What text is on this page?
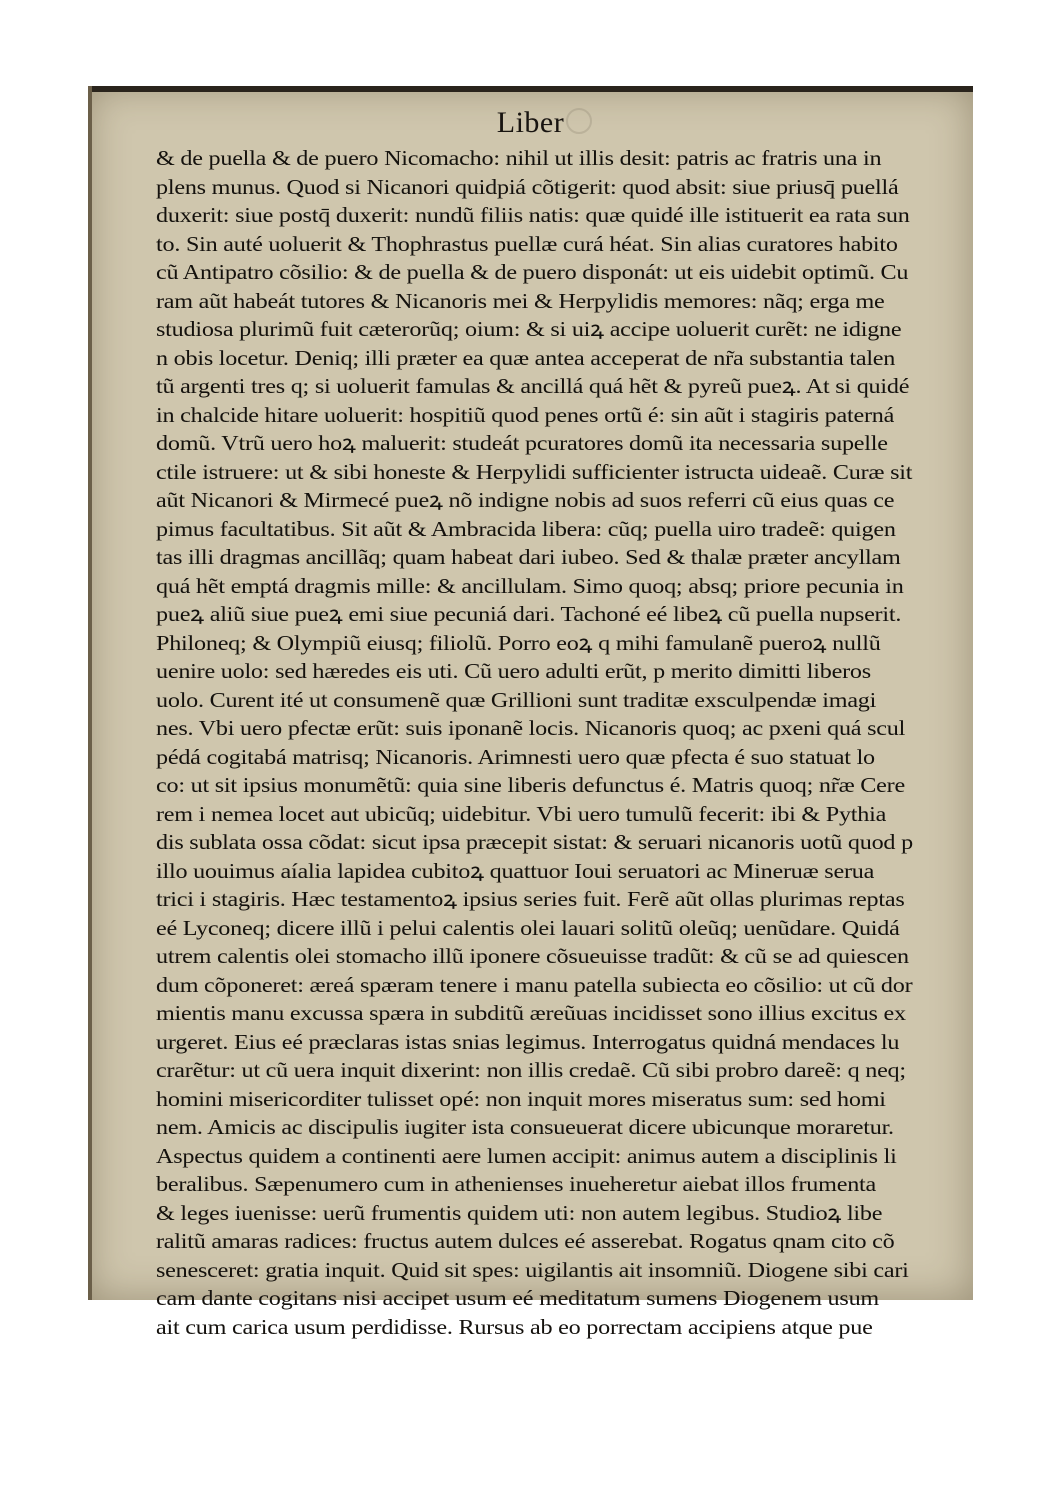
Liber
& de puella & de puero Nicomacho: nihil ut illis desit: patris ac fratris una in
plens munus. Quod si Nicanori quidpiá cõtigerit: quod absit: siue priusq̄ puellá
duxerit: siue postq̄ duxerit: nundũ filiis natis: quæ quidé ille istituerit ea rata sun
to. Sin auté uoluerit & Thophrastus puellæ curá héat. Sin alias curatores habito
cũ Antipatro cõsilio: & de puella & de puero disponát: ut eis uidebit optimũ. Cu
ram aũt habeát tutores & Nicanoris mei & Herpylidis memores: nãq; erga me
studiosa plurimũ fuit cæterorũq; oium: & si uiꝝ accipe uoluerit curẽt: ne idigne
n obis locetur. Deniq; illi præter ea quæ antea acceperat de nr̃a substantia talen
tũ argenti tres q; si uoluerit famulas & ancillá quá hẽt & pyreũ pueꝝ. At si quidé
in chalcide hitare uoluerit: hospitiũ quod penes ortũ é: sin aũt i stagiris paterná
domũ. Vtrũ uero hoꝝ maluerit: studeát pcuratores domũ ita necessaria supelle
ctile istruere: ut & sibi honeste & Herpylidi sufficienter istructa uideaẽ. Curæ sit
aũt Nicanori & Mirmecé pueꝝ nõ indigne nobis ad suos referri cũ eius quas ce
pimus facultatibus. Sit aũt & Ambracida libera: cũq; puella uiro tradeẽ: quigen
tas illi dragmas ancillãq; quam habeat dari iubeo. Sed & thalæ præter ancyllam
quá hẽt emptá dragmis mille: & ancillulam. Simo quoq; absq; priore pecunia in
pueꝝ aliũ siue pueꝝ emi siue pecuniá dari. Tachoné eé libeꝝ cũ puella nupserit.
Philoneq; & Olympiũ eiusq; filiolũ. Porro eoꝝ q mihi famulanẽ pueroꝝ nullũ
uenire uolo: sed hæredes eis uti. Cũ uero adulti erũt, p merito dimitti liberos
uolo. Curent ité ut consumenẽ quæ Grillioni sunt traditæ exsculpendæ imagi
nes. Vbi uero pfectæ erũt: suis iponanẽ locis. Nicanoris quoq; ac pxeni quá scul
pédá cogitabá matrisq; Nicanoris. Arimnesti uero quæ pfecta é suo statuat lo
co: ut sit ipsius monumẽtũ: quia sine liberis defunctus é. Matris quoq; nr̃æ Cere
rem i nemea locet aut ubicũq; uidebitur. Vbi uero tumulũ fecerit: ibi & Pythia
dis sublata ossa cõdat: sicut ipsa præcepit sistat: & seruari nicanoris uotũ quod p
illo uouimus aíalia lapidea cubitoꝝ quattuor Ioui seruatori ac Mineruæ serua
trici i stagiris. Hæc testamentoꝝ ipsius series fuit. Ferẽ aũt ollas plurimas reptas
eé Lyconeq; dicere illũ i pelui calentis olei lauari solitũ oleũq; uenũdare. Quidá
utrem calentis olei stomacho illũ iponere cõsueuisse tradũt: & cũ se ad quiescen
dum cõponeret: æreá spæram tenere i manu patella subiecta eo cõsilio: ut cũ dor
mientis manu excussa spæra in subditũ æreũuas incidisset sono illius excitus ex
urgeret. Eius eé præclaras istas snias legimus. Interrogatus quidná mendaces lu
crarẽtur: ut cũ uera inquit dixerint: non illis credaẽ. Cũ sibi probro dareẽ: q neq;
homini misericorditer tulisset opé: non inquit mores miseratus sum: sed homi
nem. Amicis ac discipulis iugiter ista consueuerat dicere ubicunque moraretur.
Aspectus quidem a continenti aere lumen accipit: animus autem a disciplinis li
beralibus. Sæpenumero cum in athenienses inueheretur aiebat illos frumenta
& leges iuenisse: uerũ frumentis quidem uti: non autem legibus. Studioꝝ libe
ralitũ amaras radices: fructus autem dulces eé asserebat. Rogatus qnam cito cõ
senesceret: gratia inquit. Quid sit spes: uigilantis ait insomniũ. Diogene sibi cari
cam dante cogitans nisi accipet usum eé meditatum sumens Diogenem usum
ait cum carica usum perdidisse. Rursus ab eo porrectam accipiens atque pue
